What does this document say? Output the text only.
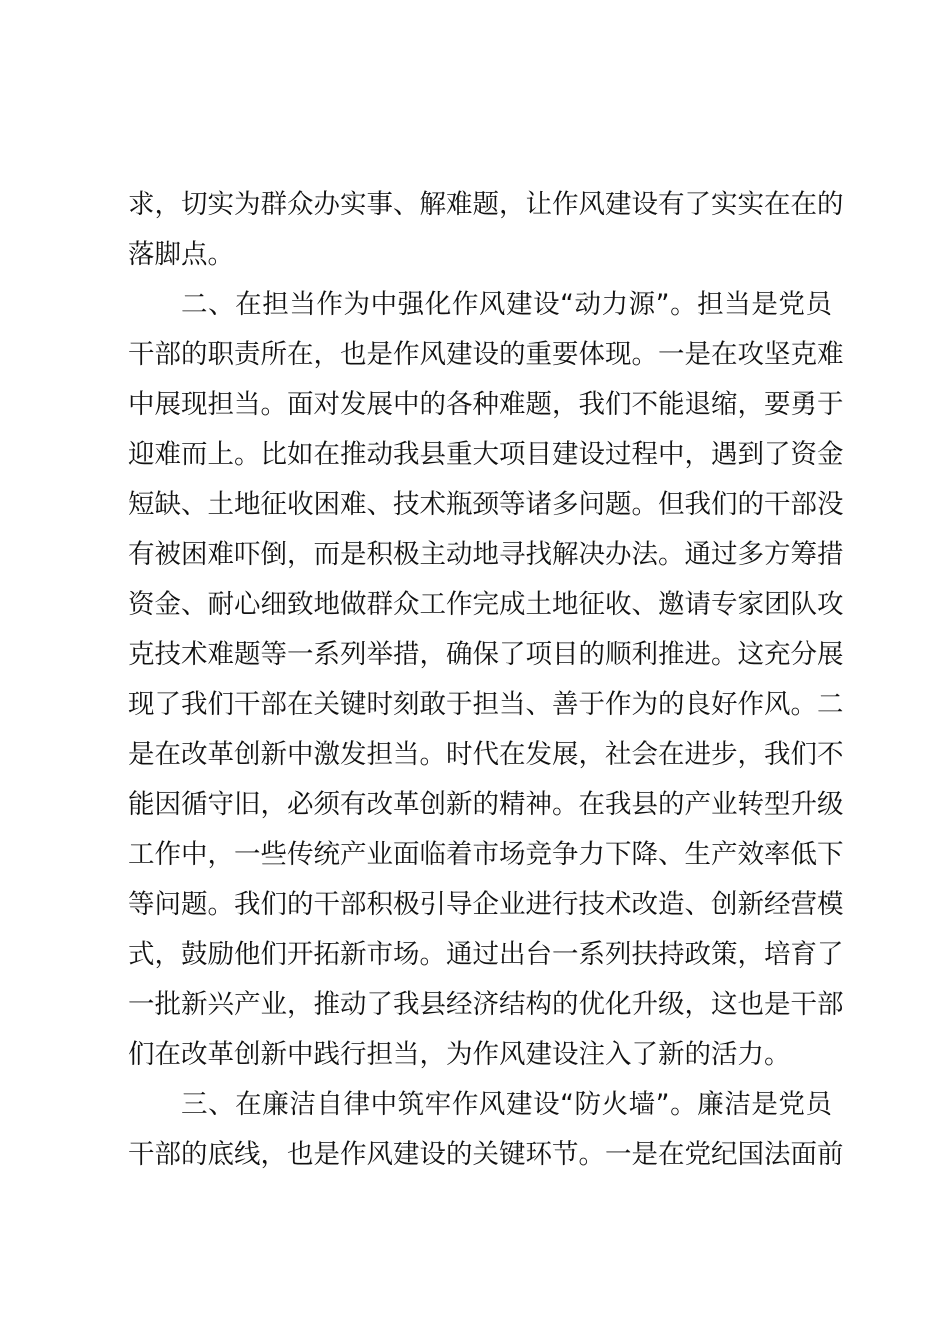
求，切实为群众办实事、解难题，让作风建设有了实实在在的
落脚点。
二、在担当作为中强化作风建设“动力源”。担当是党员
干部的职责所在，也是作风建设的重要体现。一是在攻坚克难
中展现担当。面对发展中的各种难题，我们不能退缩，要勇于
迎难而上。比如在推动我县重大项目建设过程中，遇到了资金
短缺、土地征收困难、技术瓶颈等诸多问题。但我们的干部没
有被困难吓倒，而是积极主动地寻找解决办法。通过多方筹措
资金、耐心细致地做群众工作完成土地征收、邀请专家团队攻
克技术难题等一系列举措，确保了项目的顺利推进。这充分展
现了我们干部在关键时刻敢于担当、善于作为的良好作风。二
是在改革创新中激发担当。时代在发展，社会在进步，我们不
能因循守旧，必须有改革创新的精神。在我县的产业转型升级
工作中，一些传统产业面临着市场竞争力下降、生产效率低下
等问题。我们的干部积极引导企业进行技术改造、创新经营模
式，鼓励他们开拓新市场。通过出台一系列扶持政策，培育了
一批新兴产业，推动了我县经济结构的优化升级，这也是干部
们在改革创新中践行担当，为作风建设注入了新的活力。
三、在廉洁自律中筑牢作风建设“防火墙”。廉洁是党员
干部的底线，也是作风建设的关键环节。一是在党纪国法面前
